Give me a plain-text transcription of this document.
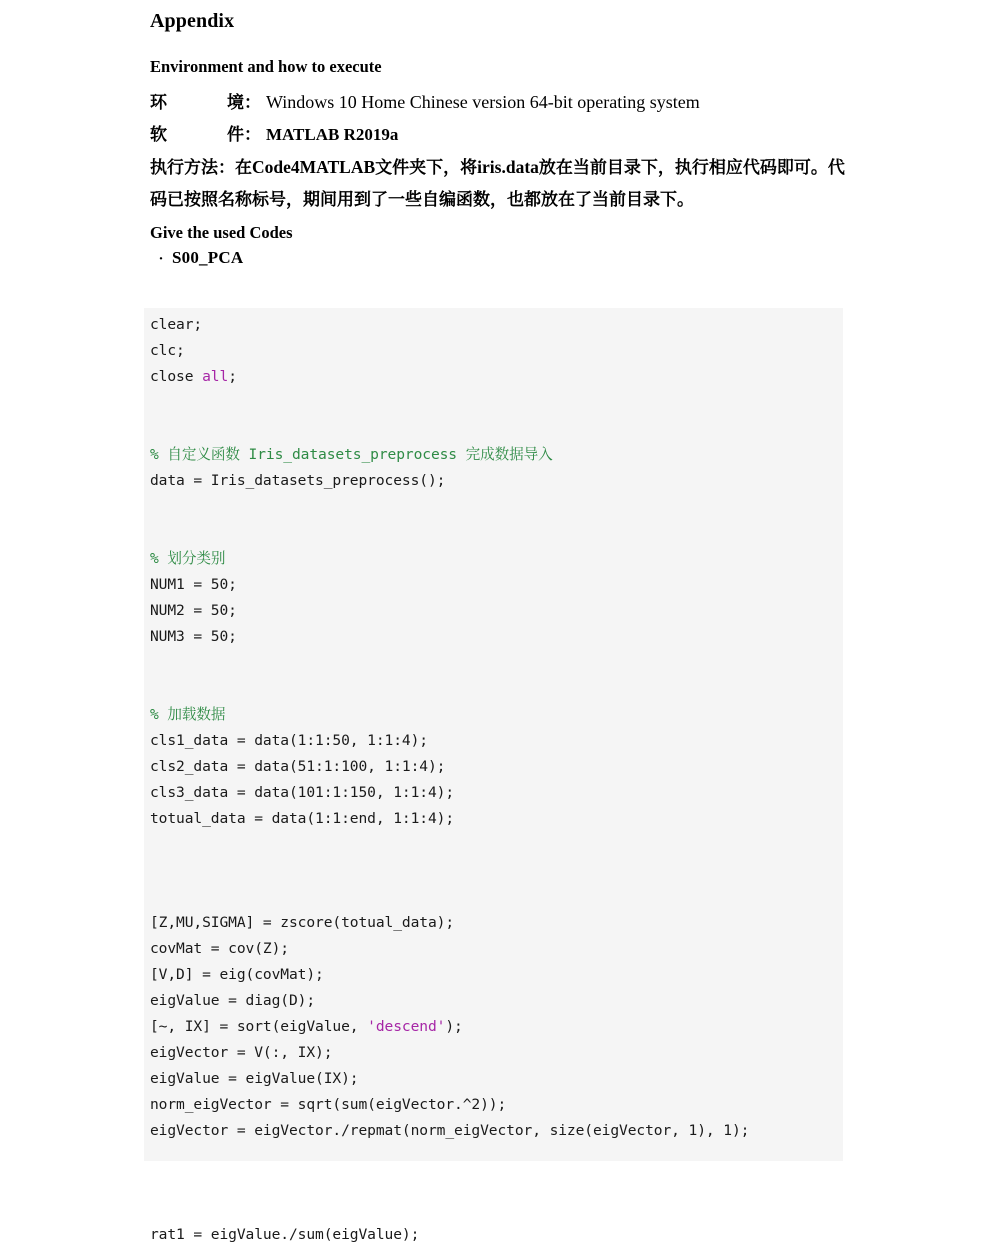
Appendix
Environment and how to execute
环境 ： Windows 10 Home Chinese version 64-bit operating system
软件 ： MATLAB R2019a

执行方法：在Code4MATLAB文件夹下，将iris.data放在当前目录下，执行相应代码即可。代码已按照名称标号，期间用到了一些自编函数，也都放在了当前目录下。

Give the used Codes
· S00_PCA
clear;
clc;
close all;

% 自定义函数 Iris_datasets_preprocess 完成数据导入
data = Iris_datasets_preprocess();

% 划分类别
NUM1 = 50;
NUM2 = 50;
NUM3 = 50;

% 加载数据
cls1_data = data(1:1:50, 1:1:4);
cls2_data = data(51:1:100, 1:1:4);
cls3_data = data(101:1:150, 1:1:4);
totual_data = data(1:1:end, 1:1:4);

[Z,MU,SIGMA] = zscore(totual_data);
covMat = cov(Z);
[V,D] = eig(covMat);
eigValue = diag(D);
[~, IX] = sort(eigValue, 'descend');
eigVector = V(:, IX);
eigValue = eigValue(IX);
norm_eigVector = sqrt(sum(eigVector.^2));
eigVector = eigVector./repmat(norm_eigVector, size(eigVector, 1), 1);

rat1 = eigValue./sum(eigValue);
